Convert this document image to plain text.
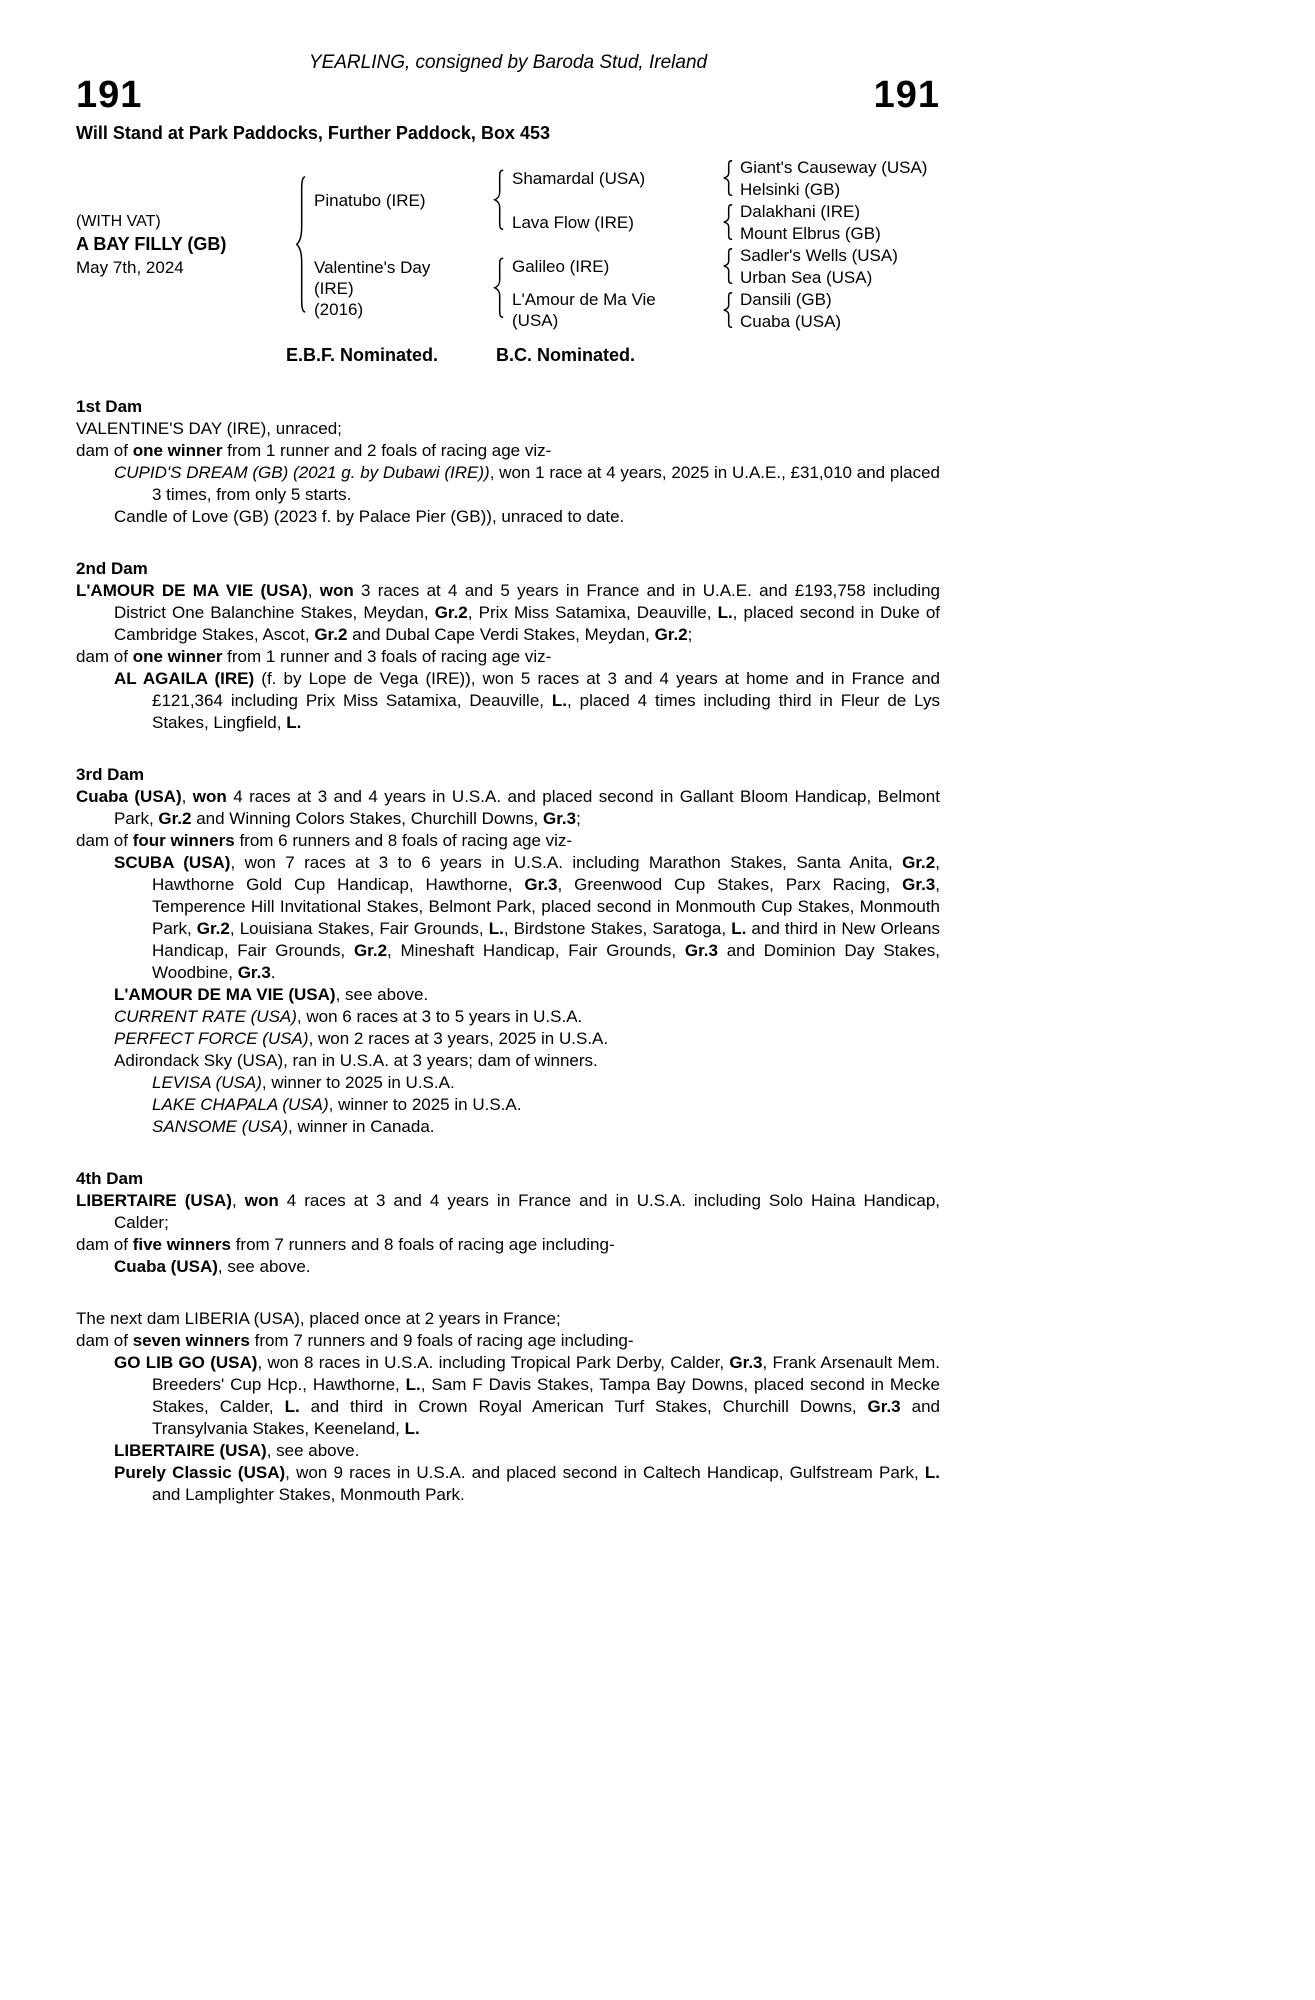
YEARLING, consigned by Baroda Stud, Ireland
191	191
Will Stand at Park Paddocks, Further Paddock, Box 453
(WITH VAT)
A BAY FILLY (GB)
May 7th, 2024
Pinatubo (IRE)
Valentine's Day (IRE)
(2016)
Shamardal (USA)
Lava Flow (IRE)
Galileo (IRE)
L'Amour de Ma Vie (USA)
Giant's Causeway (USA)
Helsinki (GB)
Dalakhani (IRE)
Mount Elbrus (GB)
Sadler's Wells (USA)
Urban Sea (USA)
Dansili (GB)
Cuaba (USA)
E.B.F. Nominated.	B.C. Nominated.
1st Dam

VALENTINE'S DAY (IRE), unraced;

dam of one winner from 1 runner and 2 foals of racing age viz-

CUPID'S DREAM (GB) (2021 g. by Dubawi (IRE)), won 1 race at 4 years, 2025 in U.A.E., £31,010 and placed 3 times, from only 5 starts.

Candle of Love (GB) (2023 f. by Palace Pier (GB)), unraced to date.

2nd Dam

L'AMOUR DE MA VIE (USA), won 3 races at 4 and 5 years in France and in U.A.E. and £193,758 including District One Balanchine Stakes, Meydan, Gr.2, Prix Miss Satamixa, Deauville, L., placed second in Duke of Cambridge Stakes, Ascot, Gr.2 and Dubal Cape Verdi Stakes, Meydan, Gr.2;

dam of one winner from 1 runner and 3 foals of racing age viz-

AL AGAILA (IRE) (f. by Lope de Vega (IRE)), won 5 races at 3 and 4 years at home and in France and £121,364 including Prix Miss Satamixa, Deauville, L., placed 4 times including third in Fleur de Lys Stakes, Lingfield, L.

3rd Dam

Cuaba (USA), won 4 races at 3 and 4 years in U.S.A. and placed second in Gallant Bloom Handicap, Belmont Park, Gr.2 and Winning Colors Stakes, Churchill Downs, Gr.3;

dam of four winners from 6 runners and 8 foals of racing age viz-

SCUBA (USA), won 7 races at 3 to 6 years in U.S.A. including Marathon Stakes, Santa Anita, Gr.2, Hawthorne Gold Cup Handicap, Hawthorne, Gr.3, Greenwood Cup Stakes, Parx Racing, Gr.3, Temperence Hill Invitational Stakes, Belmont Park, placed second in Monmouth Cup Stakes, Monmouth Park, Gr.2, Louisiana Stakes, Fair Grounds, L., Birdstone Stakes, Saratoga, L. and third in New Orleans Handicap, Fair Grounds, Gr.2, Mineshaft Handicap, Fair Grounds, Gr.3 and Dominion Day Stakes, Woodbine, Gr.3.

L'AMOUR DE MA VIE (USA), see above.

CURRENT RATE (USA), won 6 races at 3 to 5 years in U.S.A.

PERFECT FORCE (USA), won 2 races at 3 years, 2025 in U.S.A.

Adirondack Sky (USA), ran in U.S.A. at 3 years; dam of winners.

LEVISA (USA), winner to 2025 in U.S.A.

LAKE CHAPALA (USA), winner to 2025 in U.S.A.

SANSOME (USA), winner in Canada.

4th Dam

LIBERTAIRE (USA), won 4 races at 3 and 4 years in France and in U.S.A. including Solo Haina Handicap, Calder;

dam of five winners from 7 runners and 8 foals of racing age including-

Cuaba (USA), see above.

The next dam LIBERIA (USA), placed once at 2 years in France;

dam of seven winners from 7 runners and 9 foals of racing age including-

GO LIB GO (USA), won 8 races in U.S.A. including Tropical Park Derby, Calder, Gr.3, Frank Arsenault Mem. Breeders' Cup Hcp., Hawthorne, L., Sam F Davis Stakes, Tampa Bay Downs, placed second in Mecke Stakes, Calder, L. and third in Crown Royal American Turf Stakes, Churchill Downs, Gr.3 and Transylvania Stakes, Keeneland, L.

LIBERTAIRE (USA), see above.

Purely Classic (USA), won 9 races in U.S.A. and placed second in Caltech Handicap, Gulfstream Park, L. and Lamplighter Stakes, Monmouth Park.
